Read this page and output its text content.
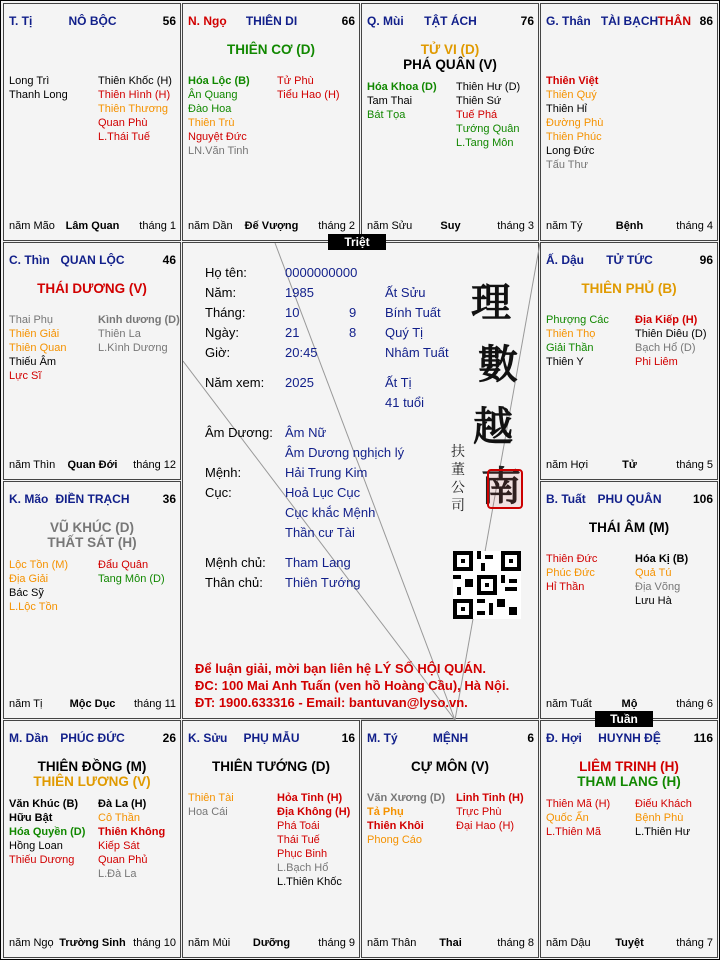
T. Tị	NÔ BỘC	56
Long Trì
Thanh Long
Thiên Khốc (H)
Thiên Hình (H)
Thiên Thương
Quan Phù
L.Thái Tuế
năm Mão Lâm Quan	tháng 1
N. Ngọ	THIÊN DI	66
THIÊN CƠ (D)
Hóa Lộc (B)
Ân Quang
Đào Hoa
Thiên Trù
Nguyệt Đức
LN.Văn Tinh
Tử Phù
Tiểu Hao (H)
năm Dần	Đế Vượng	tháng 2
Q. Mùi	TẬT ÁCH	76
TỬ VI (D)
PHÁ QUÂN (V)
Hóa Khoa (D)
Tam Thai
Bát Tọa
Thiên Hư (D)
Thiên Sứ
Tuế Phá
Tướng Quân
L.Tang Môn
năm Sửu	Suy	tháng 3
G. Thân TÀI BẠCH THÂN 86
Thiên Việt
Thiên Quý
Thiên Hỉ
Đường Phù
Thiên Phúc
Long Đức
Tấu Thư
năm Tý	Bệnh	tháng 4
C. Thìn QUAN LỘC	46
THÁI DƯƠNG (V)
Thai Phụ
Thiên Giải
Thiên Quan
Thiếu Âm
Lực Sĩ
Kình dương (D)
Thiên La
L.Kình Dương
năm Thìn	Quan Đới	tháng 12
Ấ. Dậu	TỬ TỨC	96
THIÊN PHỦ (B)
Phượng Các
Thiên Thọ
Giải Thần
Thiên Y
Địa Kiếp (H)
Thiên Diêu (D)
Bạch Hổ (D)
Phi Liêm
năm Hợi	Tử	tháng 5
K. Mão ĐIỀN TRẠCH	36
VŨ KHÚC (D)
THẤT SÁT (H)
Lộc Tồn (M)
Địa Giải
Bác Sỹ
L.Lộc Tồn
Đẩu Quân
Tang Môn (D)
năm Tị	Mộc Dục	tháng 11
B. Tuất PHU QUÂN	106
THÁI ÂM (M)
Thiên Đức
Phúc Đức
Hỉ Thần
Hóa Kị (B)
Quả Tú
Địa Võng
Lưu Hà
năm Tuất	Mộ	tháng 6
M. Dần PHÚC ĐỨC	26
THIÊN ĐỒNG (M)
THIÊN LƯƠNG (V)
Văn Khúc (B)
Hữu Bật
Hóa Quyền (D)
Hồng Loan
Thiếu Dương
Đà La (H)
Cô Thần
Thiên Không
Kiếp Sát
Quan Phủ
L.Đà La
năm Ngọ Trường Sinh tháng 10
K. Sửu	PHỤ MẪU	16
THIÊN TƯỚNG (D)
Thiên Tài
Hoa Cái
Hỏa Tinh (H)
Địa Không (H)
Phá Toái
Thái Tuế
Phục Binh
L.Bạch Hổ
L.Thiên Khốc
năm Mùi	Dưỡng	tháng 9
M. Tý	MỆNH	6
CỰ MÔN (V)
Văn Xương (D)
Tả Phụ
Thiên Khôi
Phong Cáo
Linh Tinh (H)
Trực Phù
Đại Hao (H)
năm Thân	Thai	tháng 8
Đ. Hợi	HUYNH ĐỆ	116
LIÊM TRINH (H)
THAM LANG (H)
Thiên Mã (H)
Quốc Ấn
L.Thiên Mã
Điếu Khách
Bệnh Phù
L.Thiên Hư
năm Dậu	Tuyệt	tháng 7
Họ tên:	0000000000
Năm:	1985	Ất Sửu
Tháng:	10	9 Bính Tuất
Ngày:	21	8 Quý Tị
Giờ:	20:45	Nhâm Tuất
Năm xem: 2025	Ất Tị
41 tuổi
Âm Dương: Âm Nữ
Âm Dương nghịch lý
Mệnh:	Hải Trung Kim
Cục:	Hoả Lục Cục
Cục khắc Mệnh
Thần cư Tài
Mệnh chủ: Tham Lang
Thân chủ: Thiên Tướng
理
數
越
南
扶
董
公
司
Để luận giải, mời bạn liên hệ LÝ SỐ HỘI QUÁN.
ĐC: 100 Mai Anh Tuấn (ven hồ Hoàng Cầu), Hà Nội.
ĐT: 1900.633316 - Email: bantuvan@lyso.vn.
Triệt
Tuần
